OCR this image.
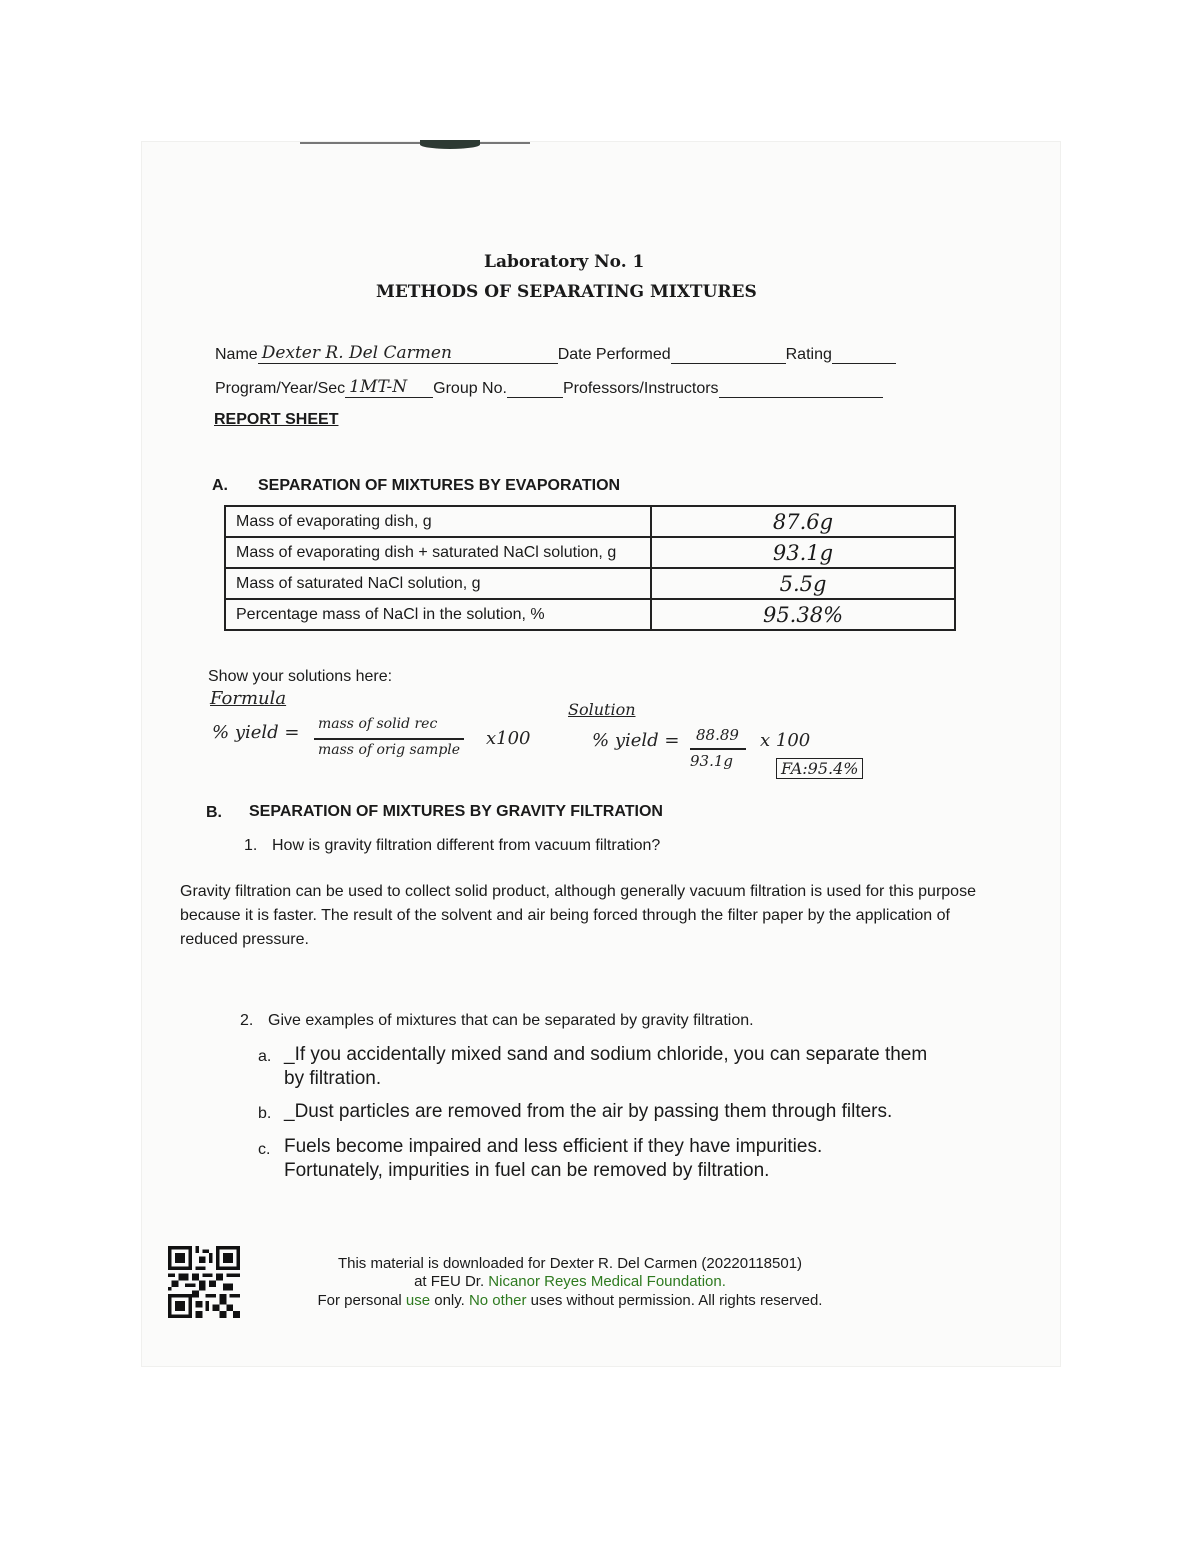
Laboratory No. 1
METHODS OF SEPARATING MIXTURES
Name Dexter R. Del Carmen	Date Performed	Rating
Program/Year/Sec 1MT-N Group No.	Professors/Instructors
REPORT SHEET
A. SEPARATION OF MIXTURES BY EVAPORATION
Mass of evaporating dish, g	87.6g
Mass of evaporating dish + saturated NaCl solution, g	93.1g
Mass of saturated NaCl solution, g	5.5g
Percentage mass of NaCl in the solution, %	95.38%
Show your solutions here:
Formula
% yield = mass of solid rec
mass of orig sample
x100
Solution
% yield = 88.89
93.1g
x 100
FA:95.4%
B. SEPARATION OF MIXTURES BY GRAVITY FILTRATION
1. How is gravity filtration different from vacuum filtration?
Gravity filtration can be used to collect solid product, although generally vacuum filtration is used for this purpose because it is faster. The result of the solvent and air being forced through the filter paper by the application of reduced pressure.
2. Give examples of mixtures that can be separated by gravity filtration.
a. _If you accidentally mixed sand and sodium chloride, you can separate them
by filtration.
b. _Dust particles are removed from the air by passing them through filters.
c. Fuels become impaired and less efficient if they have impurities.
Fortunately, impurities in fuel can be removed by filtration.
This material is downloaded for Dexter R. Del Carmen (20220118501)
at FEU Dr. Nicanor Reyes Medical Foundation.
For personal use only. No other uses without permission. All rights reserved.
